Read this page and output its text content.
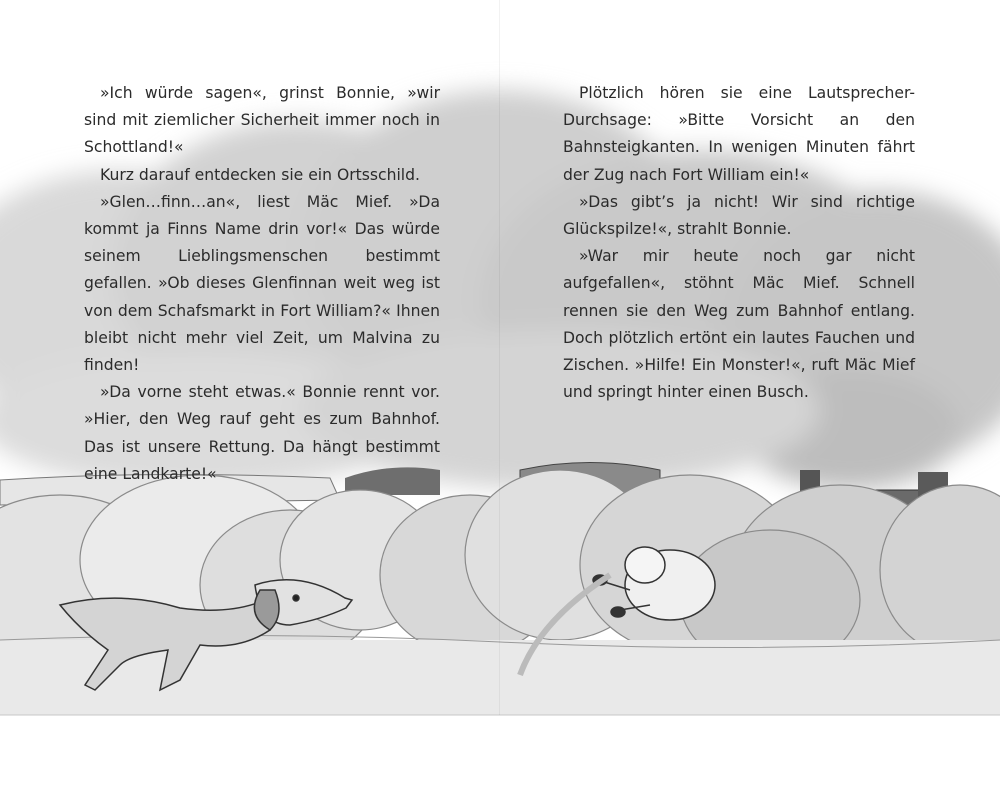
»Ich würde sagen«, grinst Bonnie, »wir sind mit ziemlicher Sicherheit immer noch in Schottland!«

Kurz darauf entdecken sie ein Ortsschild.

»Glen…finn…an«, liest Mäc Mief. »Da kommt ja Finns Name drin vor!« Das würde seinem Lieblingsmenschen bestimmt gefallen. »Ob dieses Glenfinnan weit weg ist von dem Schafsmarkt in Fort William?« Ihnen bleibt nicht mehr viel Zeit, um Malvina zu finden!

»Da vorne steht etwas.« Bonnie rennt vor. »Hier, den Weg rauf geht es zum Bahnhof. Das ist unsere Rettung. Da hängt bestimmt eine Landkarte!«

Plötzlich hören sie eine Lautsprecher-Durchsage: »Bitte Vorsicht an den Bahnsteigkanten. In wenigen Minuten fährt der Zug nach Fort William ein!«

»Das gibt’s ja nicht! Wir sind richtige Glückspilze!«, strahlt Bonnie.

»War mir heute noch gar nicht aufgefallen«, stöhnt Mäc Mief. Schnell rennen sie den Weg zum Bahnhof entlang. Doch plötzlich ertönt ein lautes Fauchen und Zischen. »Hilfe! Ein Monster!«, ruft Mäc Mief und springt hinter einen Busch.
